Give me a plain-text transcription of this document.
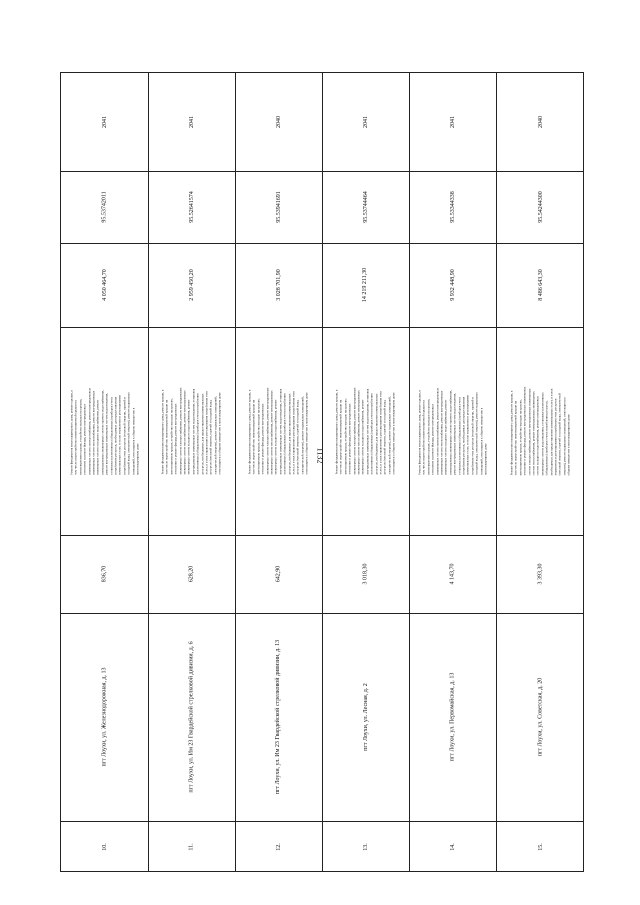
1132
2041
95.53742011
4 050 464,70
Ремонт фундамента многоквартирного дома, ремонт крыши, в том числе переустройство невентилируемой крыши на вентилируемую крышу, устройство выходов на кровлю, утепление и ремонт фасада, ремонт внутридомовых инженерных систем электроснабжения, ремонт внутридомовых инженерных систем теплоснабжения, ремонт внутридомовых инженерных систем холодного водоснабжения, ремонт внутридомовых инженерных систем горячего водоснабжения, ремонт внутридомовых инженерных систем водоотведения, установка коллективных (общедомовых) приборов учета потребления ресурсов, необходимых для предоставления коммунальных услуг, и узлов управления и регулирования потребления этих ресурсов (тепловой энергии, горячей и холодной воды, электрической энергии), ремонт подвальных помещений, относящихся к общему имуществу в многоквартирном доме
836,70
пгт Лоухи, ул. Железнодорожная, д. 13
10.
2041
95.52641574
2 959 450,20
Ремонт фундамента многоквартирного дома, ремонт крыши, в том числе переустройство невентилируемой крыши на вентилируемую крышу, устройство выходов на кровлю, утепление и ремонт фасада, ремонт внутридомовых инженерных систем электроснабжения, ремонт внутридомовых инженерных систем теплоснабжения, ремонт внутридомовых инженерных систем холодного водоснабжения, ремонт внутридомовых инженерных систем водоотведения, установка коллективных (общедомовых) приборов учета потребления ресурсов, необходимых для предоставления коммунальных услуг, и узлов управления и регулирования потребления этих ресурсов (тепловой энергии, горячей и холодной воды, электрической энергии), ремонт подвальных помещений, относящихся к общему имуществу в многоквартирном доме
628,20
пгт Лоухи, ул. Им 23 Гвардейской стрелковой дивизии, д. 6
11.
2040
95.53941691
3 028 701,90
Ремонт фундамента многоквартирного дома, ремонт крыши, в том числе переустройство невентилируемой крыши на вентилируемую крышу, устройство выходов на кровлю, утепление и ремонт фасада, ремонт внутридомовых инженерных систем электроснабжения, ремонт внутридомовых инженерных систем теплоснабжения, ремонт внутридомовых инженерных систем холодного водоснабжения, ремонт внутридомовых инженерных систем водоотведения, установка коллективных (общедомовых) приборов учета потребления ресурсов, необходимых для предоставления коммунальных услуг, и узлов управления и регулирования потребления этих ресурсов (тепловой энергии, горячей и холодной воды, электрической энергии), ремонт подвальных помещений, относящихся к общему имуществу в многоквартирном доме
642,90
пгт Лоухи, ул. Им 23 Гвардейской стрелковой дивизии, д. 13
12.
2041
95.53744464
14 219 211,30
Ремонт фундамента многоквартирного дома, ремонт крыши, в том числе переустройство невентилируемой крыши на вентилируемую крышу, устройство выходов на кровлю, утепление и ремонт фасада, ремонт внутридомовых инженерных систем электроснабжения, ремонт внутридомовых инженерных систем теплоснабжения, ремонт внутридомовых инженерных систем холодного водоснабжения, ремонт внутридомовых инженерных систем водоотведения, установка коллективных (общедомовых) приборов учета потребления ресурсов, необходимых для предоставления коммунальных услуг, и узлов управления и регулирования потребления этих ресурсов (тепловой энергии, горячей и холодной воды, электрической энергии), ремонт подвальных помещений, относящихся к общему имуществу в многоквартирном доме
3 018,30
пгт Лоухи, ул. Лесная, д. 2
13.
2041
95.53344338
9 932 448,90
Ремонт фундамента многоквартирного дома, ремонт крыши, в том числе переустройство невентилируемой крыши на вентилируемую крышу, устройство выходов на кровлю, утепление и ремонт фасада, ремонт внутридомовых инженерных систем электроснабжения, ремонт внутридомовых инженерных систем теплоснабжения, ремонт внутридомовых инженерных систем холодного водоснабжения, ремонт внутридомовых инженерных систем горячего водоснабжения, ремонт внутридомовых инженерных систем водоотведения, установка коллективных (общедомовых) приборов учета потребления ресурсов, необходимых для предоставления коммунальных услуг, и узлов управления и регулирования потребления этих ресурсов (тепловой энергии, горячей и холодной воды, электрической энергии), ремонт подвальных помещений, относящихся к общему имуществу в многоквартирном доме
4 143,70
пгт Лоухи, ул. Первомайская, д. 13
14.
2040
95.54244300
8 486 643,30
Ремонт фундамента многоквартирного дома, ремонт крыши, в том числе переустройство невентилируемой крыши на вентилируемую крышу, устройство выходов на кровлю, утепление и ремонт фасада, ремонт внутридомовых инженерных систем электроснабжения, ремонт внутридомовых инженерных систем теплоснабжения, ремонт внутридомовых инженерных систем холодного водоснабжения, ремонт внутридомовых инженерных систем водоотведения, установка коллективных (общедомовых) приборов учета потребления ресурсов, необходимых для предоставления коммунальных услуг, и узлов управления и регулирования потребления этих ресурсов (тепловой энергии, горячей и холодной воды, электрической энергии), ремонт подвальных помещений, относящихся к общему имуществу в многоквартирном доме
3 393,30
пгт Лоухи, ул. Советская, д. 20
15.
